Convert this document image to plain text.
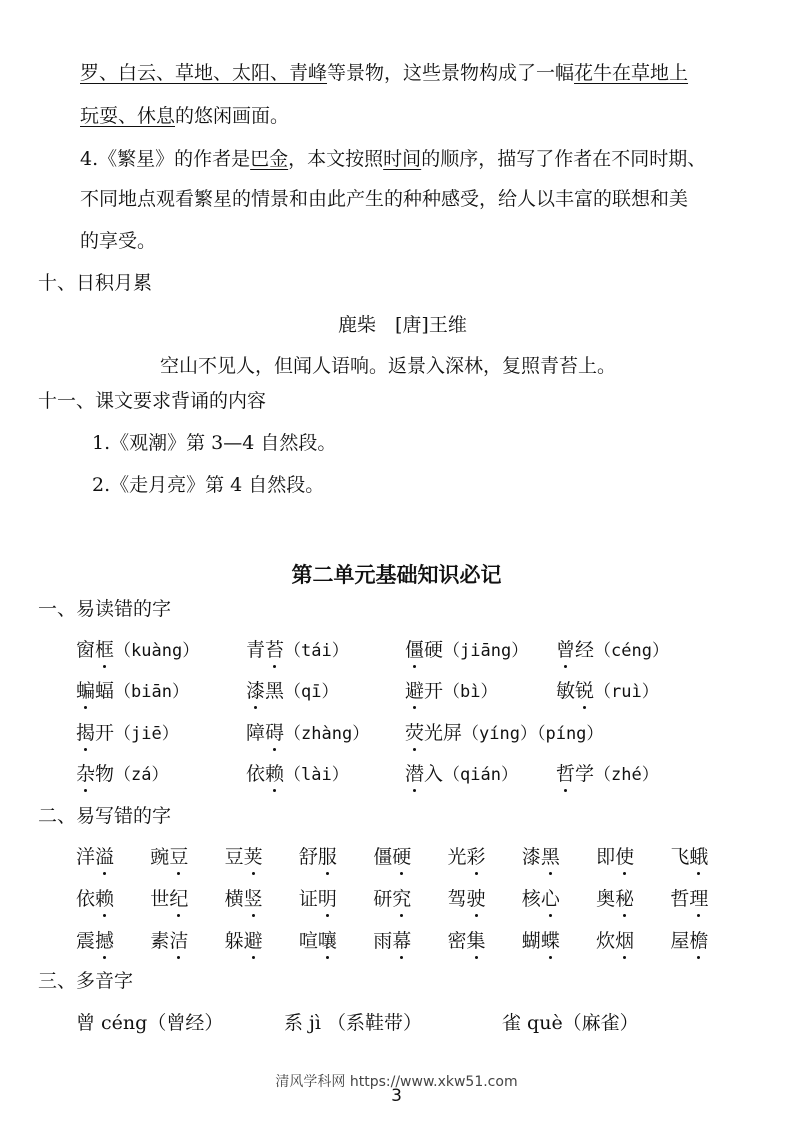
罗、白云、草地、太阳、青峰等景物，这些景物构成了一幅花牛在草地上
玩耍、休息的悠闲画面。
4.《繁星》的作者是巴金，本文按照时间的顺序，描写了作者在不同时期、
不同地点观看繁星的情景和由此产生的种种感受，给人以丰富的联想和美
的享受。
十、日积月累
鹿柴　[唐]王维
空山不见人，但闻人语响。返景入深林，复照青苔上。
十一、课文要求背诵的内容
1.《观潮》第 3—4 自然段。
2.《走月亮》第 4 自然段。
第二单元基础知识必记
一、易读错的字
窗框（kuàng） 青苔（tái）	僵硬（jiāng） 曾经（céng）
蝙蝠（biān）	漆黑（qī）	避开（bì）	敏锐（ruì）
揭开（jiē）	障碍（zhàng） 荧光屏（yíng）（píng）
杂物（zá）	依赖（lài）	潜入（qián） 哲学（zhé）
二、易写错的字
洋溢 豌豆 豆荚 舒服 僵硬 光彩 漆黑 即使 飞蛾
依赖 世纪 横竖 证明 研究 驾驶 核心 奥秘 哲理
震撼 素洁 躲避 喧嚷 雨幕 密集 蝴蝶 炊烟 屋檐
三、多音字
曾 céng（曾经）	系 jì （系鞋带）	雀 què（麻雀）
清风学科网 https://www.xkw51.com
3
